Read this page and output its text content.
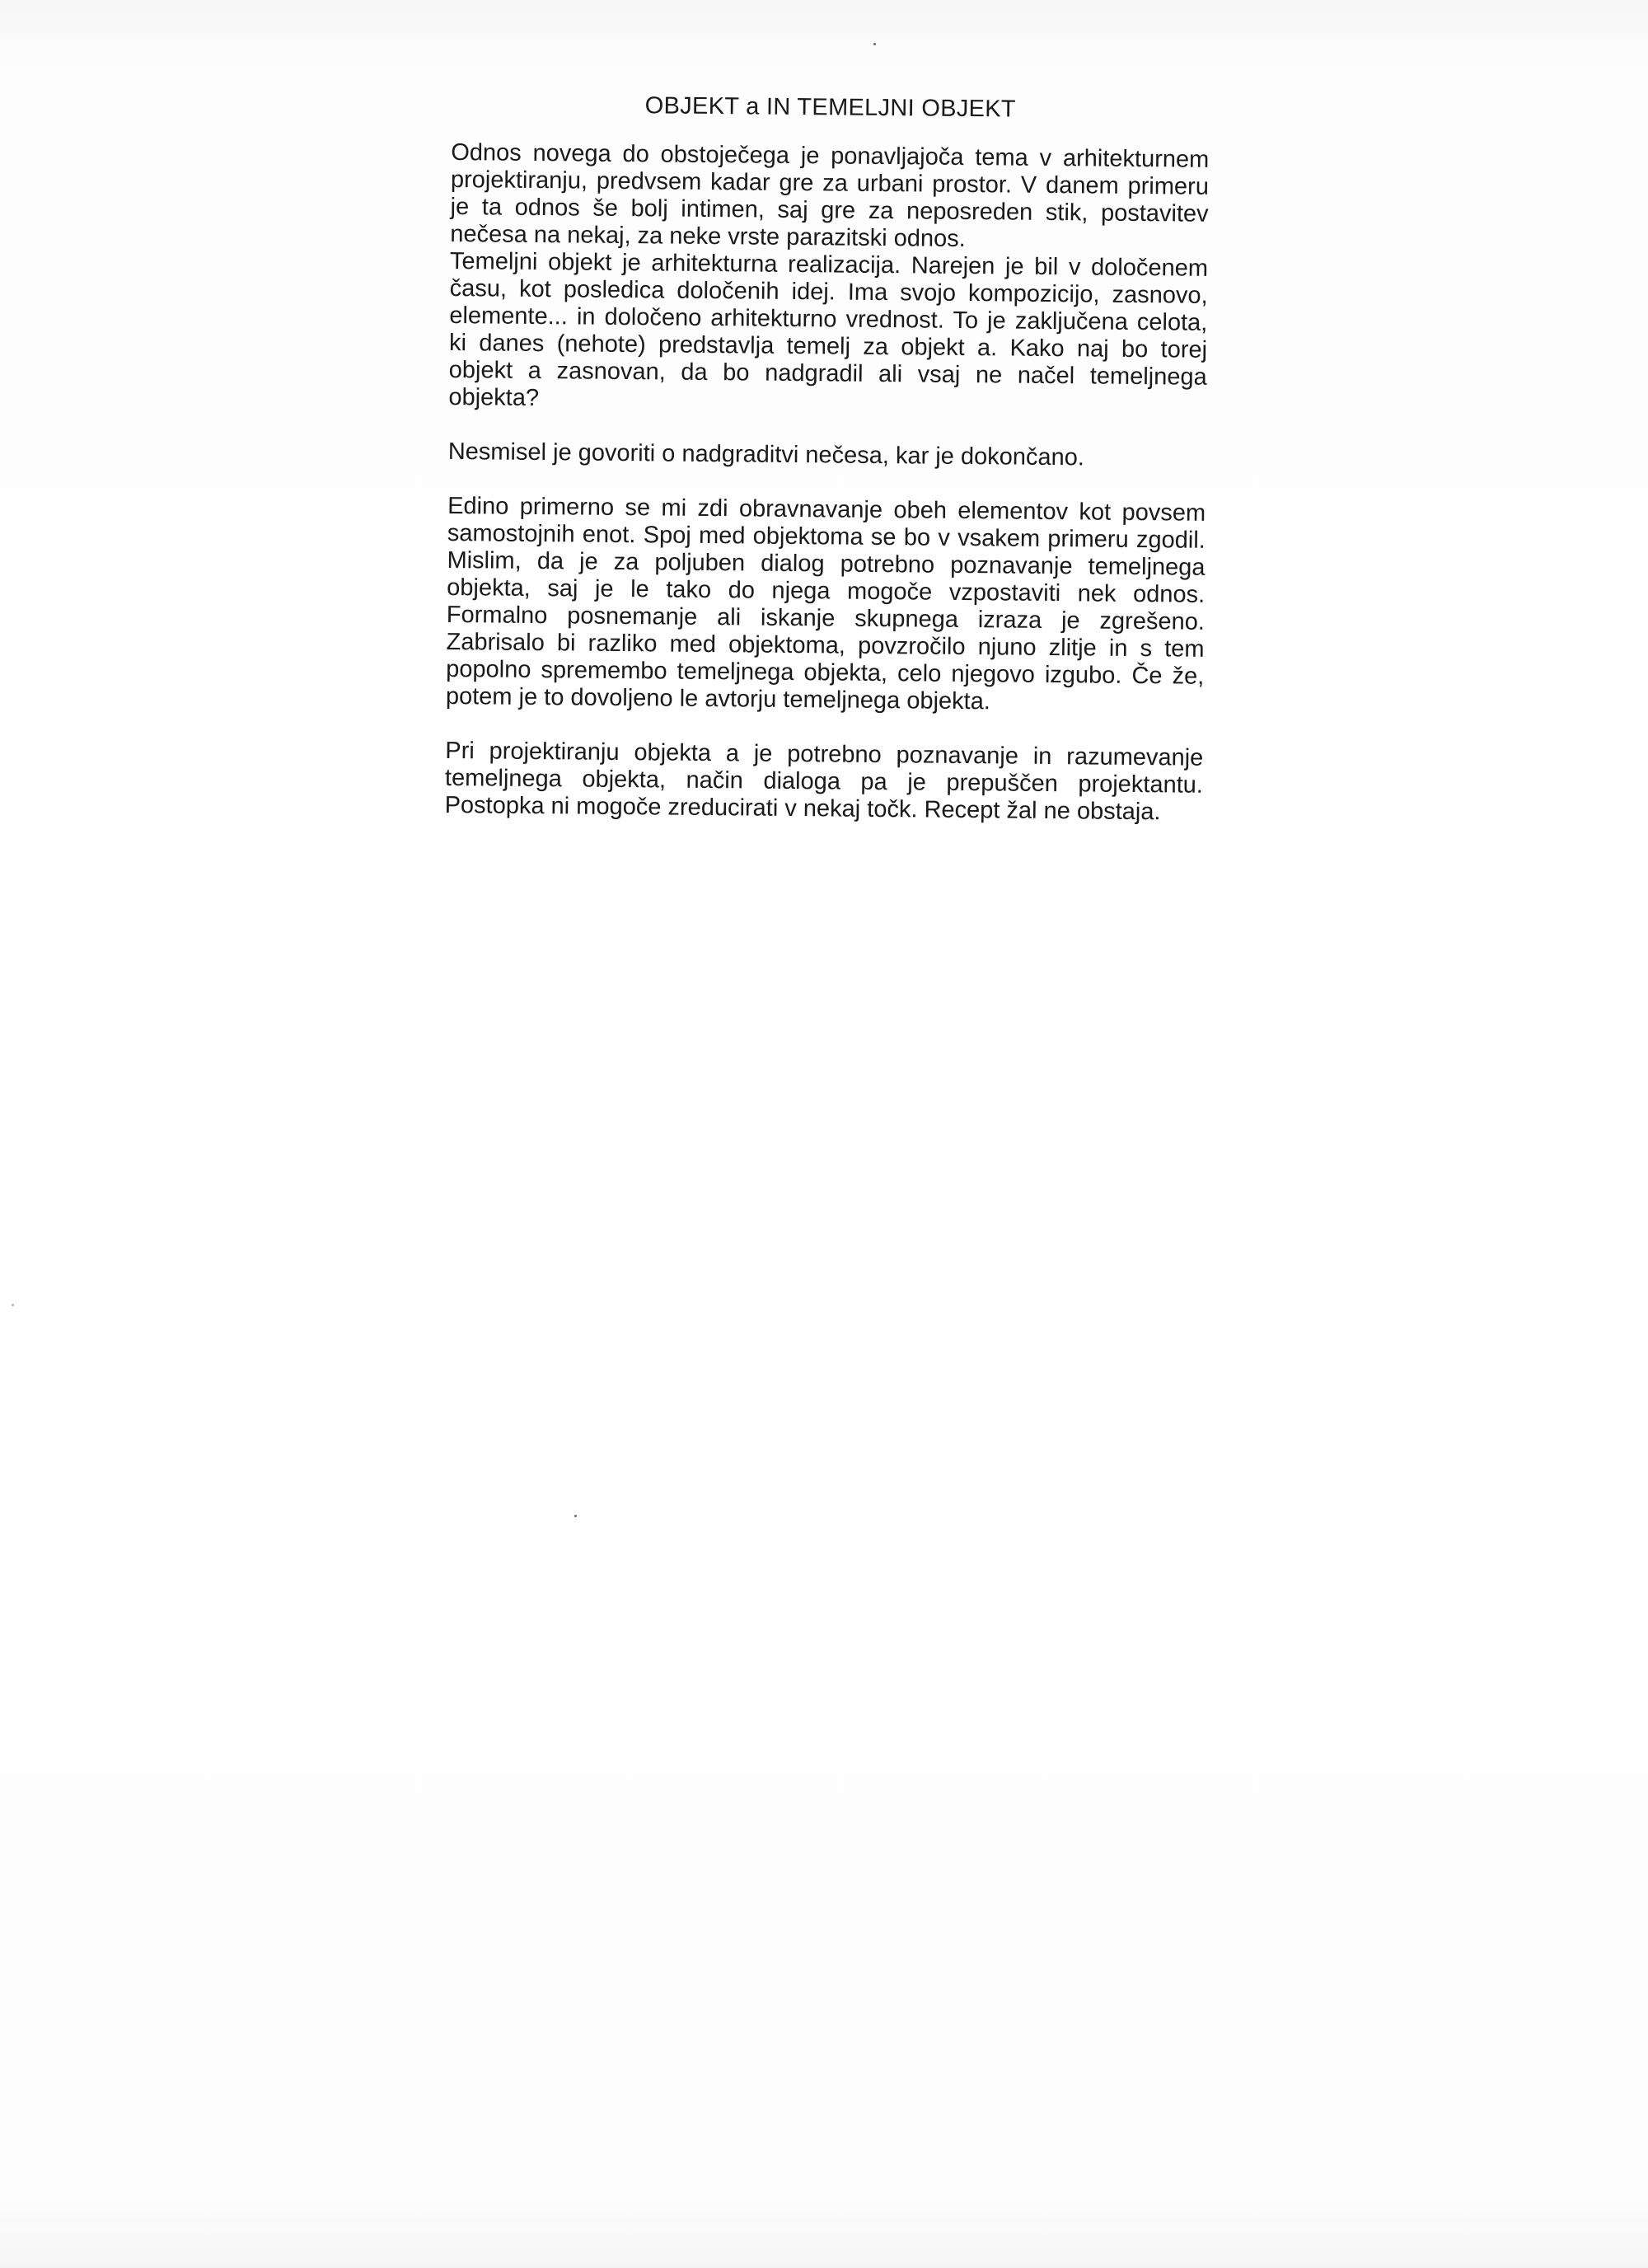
OBJEKT a IN TEMELJNI OBJEKT

Odnos novega do obstoječega je ponavljajoča tema v arhitekturnem projektiranju, predvsem kadar gre za urbani prostor. V danem primeru je ta odnos še bolj intimen, saj gre za neposreden stik, postavitev nečesa na nekaj, za neke vrste parazitski odnos.

Temeljni objekt je arhitekturna realizacija. Narejen je bil v določenem času, kot posledica določenih idej. Ima svojo kompozicijo, zasnovo, elemente... in določeno arhitekturno vrednost. To je zaključena celota, ki danes (nehote) predstavlja temelj za objekt a. Kako naj bo torej objekt a zasnovan, da bo nadgradil ali vsaj ne načel temeljnega objekta?

Nesmisel je govoriti o nadgraditvi nečesa, kar je dokončano.

Edino primerno se mi zdi obravnavanje obeh elementov kot povsem samostojnih enot. Spoj med objektoma se bo v vsakem primeru zgodil. Mislim, da je za poljuben dialog potrebno poznavanje temeljnega objekta, saj je le tako do njega mogoče vzpostaviti nek odnos. Formalno posnemanje ali iskanje skupnega izraza je zgrešeno. Zabrisalo bi razliko med objektoma, povzročilo njuno zlitje in s tem popolno spremembo temeljnega objekta, celo njegovo izgubo. Če že, potem je to dovoljeno le avtorju temeljnega objekta.

Pri projektiranju objekta a je potrebno poznavanje in razumevanje temeljnega objekta, način dialoga pa je prepuščen projektantu. Postopka ni mogoče zreducirati v nekaj točk. Recept žal ne obstaja.
